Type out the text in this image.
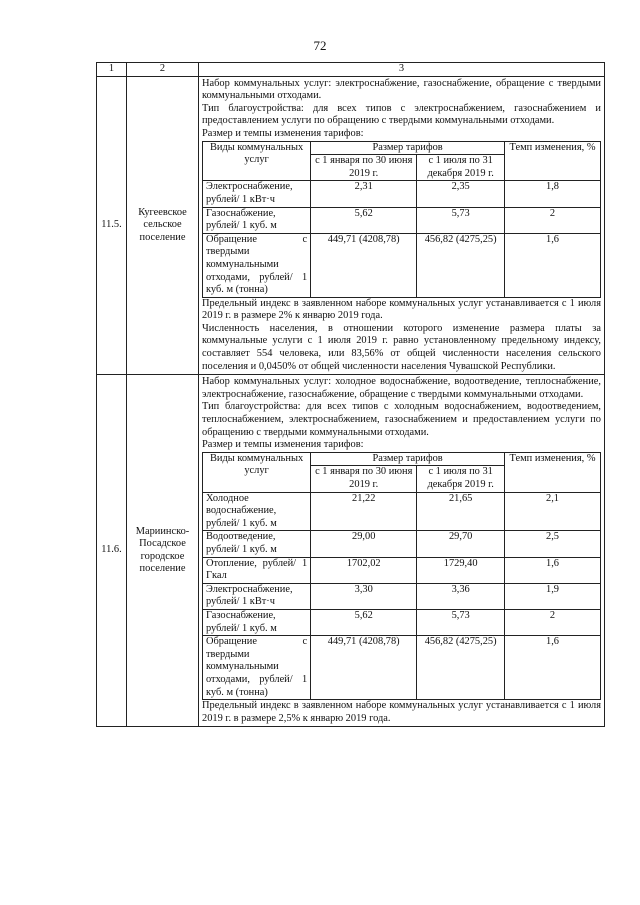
72
1	2	3
11.5.	Кугеевское сельское поселение	
Набор коммунальных услуг: электроснабжение, газоснабжение, обращение с твердыми коммунальными отходами.
Тип благоустройства: для всех типов с электроснабжением, газоснабжением и предоставлением услуги по обращению с твердыми коммунальными отходами.
Размер и темпы изменения тарифов:
Виды коммунальных услуг	Размер тарифов	Темп изменения, %
с 1 января по 30 июня 2019 г.	с 1 июля по 31 декабря 2019 г.
Электроснабжение, рублей/ 1 кВт·ч	2,31	2,35	1,8
Газоснабжение, рублей/ 1 куб. м	5,62	5,73	2
Обращение с твердыми коммунальными отходами, рублей/ 1 куб. м (тонна)	449,71 (4208,78)	456,82 (4275,25)	1,6
Предельный индекс в заявленном наборе коммунальных услуг устанавливается с 1 июля 2019 г. в размере 2% к январю 2019 года.
Численность населения, в отношении которого изменение размера платы за коммунальные услуги с 1 июля 2019 г. равно установленному предельному индексу, составляет 554 человека, или 83,56% от общей численности населения сельского поселения и 0,0450% от общей численности населения Чувашской Республики.

11.6.	Мариинско-Посадское городское поселение	
Набор коммунальных услуг: холодное водоснабжение, водоотведение, теплоснабжение, электроснабжение, газоснабжение, обращение с твердыми коммунальными отходами.
Тип благоустройства: для всех типов с холодным водоснабжением, водоотведением, теплоснабжением, электроснабжением, газоснабжением и предоставлением услуги по обращению с твердыми коммунальными отходами.
Размер и темпы изменения тарифов:
Виды коммунальных услуг	Размер тарифов	Темп изменения, %
с 1 января по 30 июня 2019 г.	с 1 июля по 31 декабря 2019 г.
Холодное водоснабжение, рублей/ 1 куб. м	21,22	21,65	2,1
Водоотведение, рублей/ 1 куб. м	29,00	29,70	2,5
Отопление, рублей/ 1 Гкал	1702,02	1729,40	1,6
Электроснабжение, рублей/ 1 кВт·ч	3,30	3,36	1,9
Газоснабжение, рублей/ 1 куб. м	5,62	5,73	2
Обращение с твердыми коммунальными отходами, рублей/ 1 куб. м (тонна)	449,71 (4208,78)	456,82 (4275,25)	1,6
Предельный индекс в заявленном наборе коммунальных услуг устанавливается с 1 июля 2019 г. в размере 2,5% к январю 2019 года.
